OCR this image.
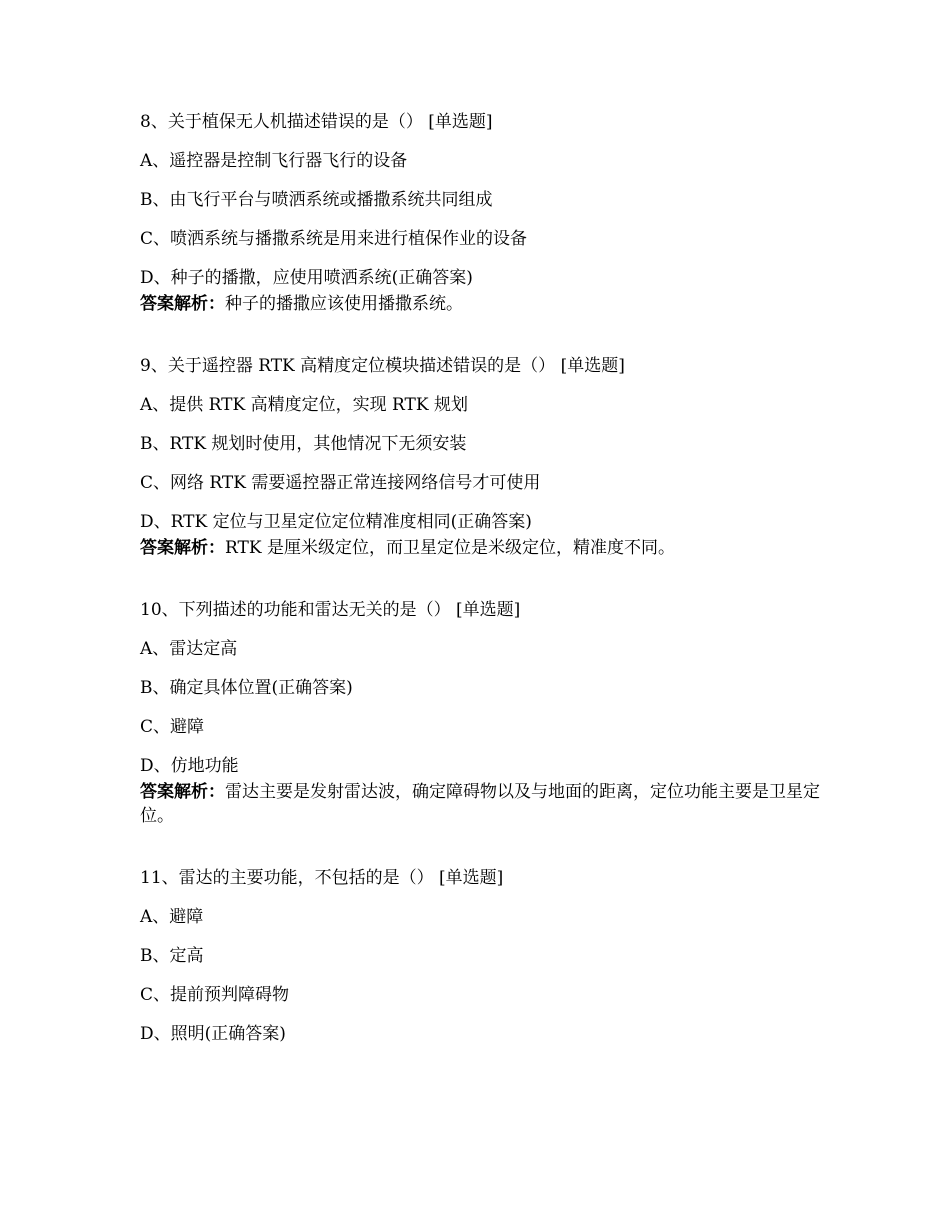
8、关于植保无人机描述错误的是（） [单选题]
A、遥控器是控制飞行器飞行的设备
B、由飞行平台与喷洒系统或播撒系统共同组成
C、喷洒系统与播撒系统是用来进行植保作业的设备
D、种子的播撒，应使用喷洒系统(正确答案)
答案解析：种子的播撒应该使用播撒系统。
9、关于遥控器 RTK 高精度定位模块描述错误的是（） [单选题]
A、提供 RTK 高精度定位，实现 RTK 规划
B、RTK 规划时使用，其他情况下无须安装
C、网络 RTK 需要遥控器正常连接网络信号才可使用
D、RTK 定位与卫星定位定位精准度相同(正确答案)
答案解析：RTK 是厘米级定位，而卫星定位是米级定位，精准度不同。
10、下列描述的功能和雷达无关的是（） [单选题]
A、雷达定高
B、确定具体位置(正确答案)
C、避障
D、仿地功能
答案解析：雷达主要是发射雷达波，确定障碍物以及与地面的距离，定位功能主要是卫星定位。
11、雷达的主要功能，不包括的是（） [单选题]
A、避障
B、定高
C、提前预判障碍物
D、照明(正确答案)
